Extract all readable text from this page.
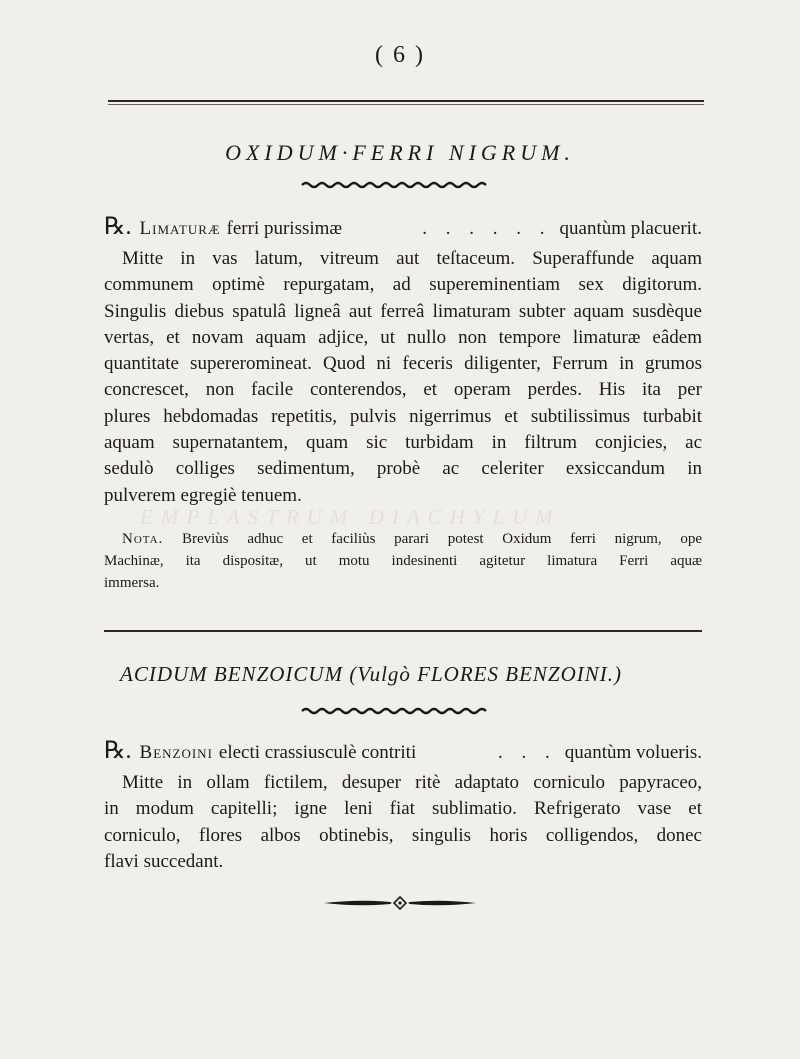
EMPLASTRUM DIACHYLUM
( 6 )
OXIDUM·FERRI NIGRUM.
℞. Limaturæ ferri purissimæ	. . . . . . quantùm placuerit.
Mitte in vas latum, vitreum aut teſtaceum. Superaffunde aquam
communem optimè repurgatam, ad supereminentiam sex digitorum.
Singulis diebus spatulâ ligneâ aut ferreâ limaturam subter aquam susdèque
vertas, et novam aquam adjice, ut nullo non tempore limaturæ eâdem
quantitate supereromineat. Quod ni feceris diligenter, Ferrum in grumos
concrescet, non facile conterendos, et operam perdes. His ita per
plures hebdomadas repetitis, pulvis nigerrimus et subtilissimus turbabit
aquam supernatantem, quam sic turbidam in filtrum conjicies, ac
sedulò colliges sedimentum, probè ac celeriter exsiccandum in
pulverem egregiè tenuem.
Nota. Breviùs adhuc et faciliùs parari potest Oxidum ferri nigrum, ope
Machinæ, ita dispositæ, ut motu indesinenti agitetur limatura Ferri aquæ
immersa.
ACIDUM BENZOICUM (Vulgò FLORES BENZOINI.)
℞. Benzoini electi crassiusculè contriti	. . . quantùm volueris.
Mitte in ollam fictilem, desuper ritè adaptato corniculo papyraceo,
in modum capitelli; igne leni fiat sublimatio. Refrigerato vase et
corniculo, flores albos obtinebis, singulis horis colligendos, donec
flavi succedant.
